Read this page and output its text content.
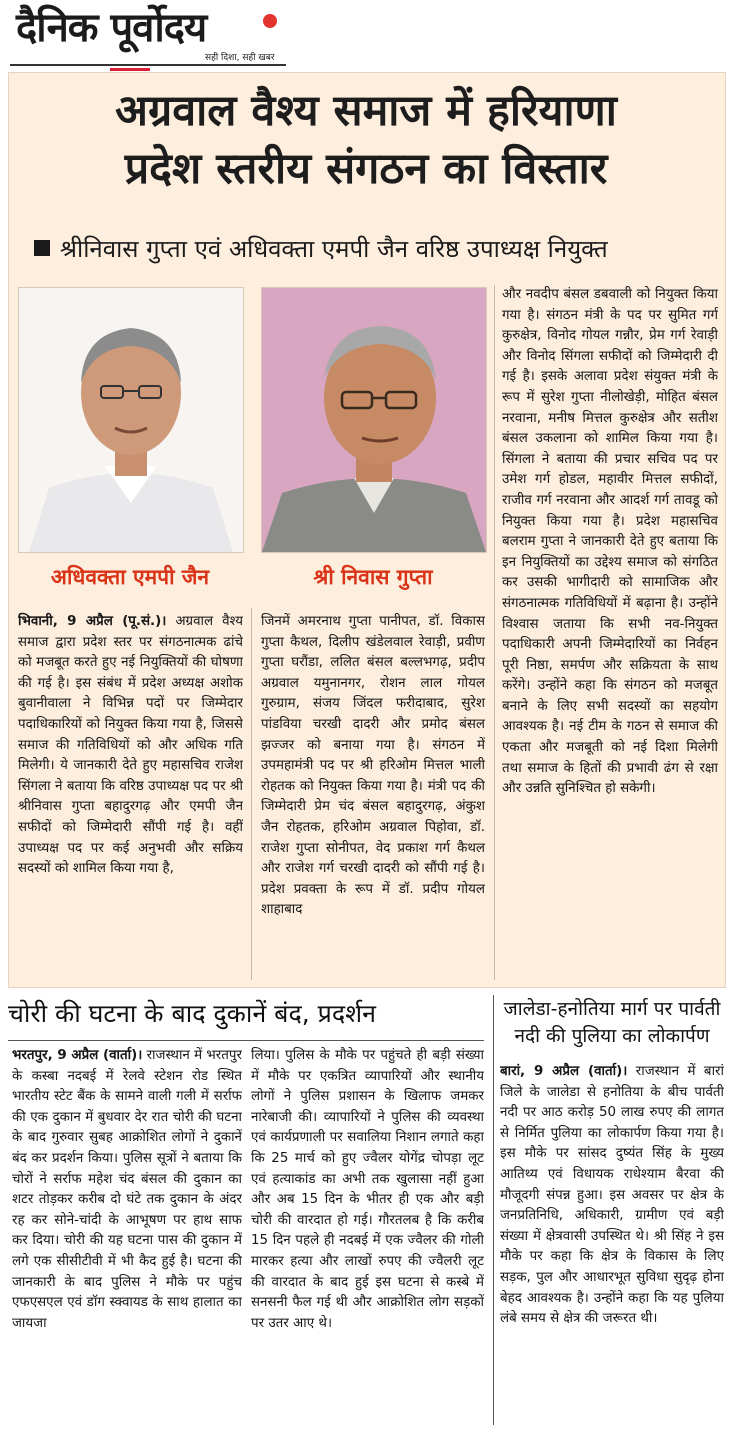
दैनिक पूर्वोदय
सही दिशा, सही खबर
अग्रवाल वैश्य समाज में हरियाणा
प्रदेश स्तरीय संगठन का विस्तार
श्रीनिवास गुप्ता एवं अधिवक्ता एमपी जैन वरिष्ठ उपाध्यक्ष नियुक्त
अधिवक्ता एमपी जैन	श्री निवास गुप्ता

भिवानी, 9 अप्रैल (पू.सं.)। अग्रवाल वैश्य समाज द्वारा प्रदेश स्तर पर संगठनात्मक ढांचे को मजबूत करते हुए नई नियुक्तियों की घोषणा की गई है। इस संबंध में प्रदेश अध्यक्ष अशोक बुवानीवाला ने विभिन्न पदों पर जिम्मेदार पदाधिकारियों को नियुक्त किया गया है, जिससे समाज की गतिविधियों को और अधिक गति मिलेगी। ये जानकारी देते हुए महासचिव राजेश सिंगला ने बताया कि वरिष्ठ उपाध्यक्ष पद पर श्री श्रीनिवास गुप्ता बहादुरगढ़ और एमपी जैन सफीदों को जिम्मेदारी सौंपी गई है। वहीं उपाध्यक्ष पद पर कई अनुभवी और सक्रिय सदस्यों को शामिल किया गया है,

जिनमें अमरनाथ गुप्ता पानीपत, डॉ. विकास गुप्ता कैथल, दिलीप खंडेलवाल रेवाड़ी, प्रवीण गुप्ता घरौंडा, ललित बंसल बल्लभगढ़, प्रदीप अग्रवाल यमुनानगर, रोशन लाल गोयल गुरुग्राम, संजय जिंदल फरीदाबाद, सुरेश पांडविया चरखी दादरी और प्रमोद बंसल झज्जर को बनाया गया है। संगठन में उपमहामंत्री पद पर श्री हरिओम मित्तल भाली रोहतक को नियुक्त किया गया है। मंत्री पद की जिम्मेदारी प्रेम चंद बंसल बहादुरगढ़, अंकुश जैन रोहतक, हरिओम अग्रवाल पिहोवा, डॉ. राजेश गुप्ता सोनीपत, वेद प्रकाश गर्ग कैथल और राजेश गर्ग चरखी दादरी को सौंपी गई है। प्रदेश प्रवक्ता के रूप में डॉ. प्रदीप गोयल शाहाबाद

और नवदीप बंसल डबवाली को नियुक्त किया गया है। संगठन मंत्री के पद पर सुमित गर्ग कुरुक्षेत्र, विनोद गोयल गन्नौर, प्रेम गर्ग रेवाड़ी और विनोद सिंगला सफीदों को जिम्मेदारी दी गई है। इसके अलावा प्रदेश संयुक्त मंत्री के रूप में सुरेश गुप्ता नीलोखेड़ी, मोहित बंसल नरवाना, मनीष मित्तल कुरुक्षेत्र और सतीश बंसल उकलाना को शामिल किया गया है। सिंगला ने बताया की प्रचार सचिव पद पर उमेश गर्ग होडल, महावीर मित्तल सफीदों, राजीव गर्ग नरवाना और आदर्श गर्ग तावडू को नियुक्त किया गया है। प्रदेश महासचिव बलराम गुप्ता ने जानकारी देते हुए बताया कि इन नियुक्तियों का उद्देश्य समाज को संगठित कर उसकी भागीदारी को सामाजिक और संगठनात्मक गतिविधियों में बढ़ाना है। उन्होंने विश्वास जताया कि सभी नव-नियुक्त पदाधिकारी अपनी जिम्मेदारियों का निर्वहन पूरी निष्ठा, समर्पण और सक्रियता के साथ करेंगे। उन्होंने कहा कि संगठन को मजबूत बनाने के लिए सभी सदस्यों का सहयोग आवश्यक है। नई टीम के गठन से समाज की एकता और मजबूती को नई दिशा मिलेगी तथा समाज के हितों की प्रभावी ढंग से रक्षा और उन्नति सुनिश्चित हो सकेगी।

चोरी की घटना के बाद दुकानें बंद, प्रदर्शन

भरतपुर, 9 अप्रैल (वार्ता)। राजस्थान में भरतपुर के कस्बा नदबई में रेलवे स्टेशन रोड स्थित भारतीय स्टेट बैंक के सामने वाली गली में सर्राफ की एक दुकान में बुधवार देर रात चोरी की घटना के बाद गुरुवार सुबह आक्रोशित लोगों ने दुकानें बंद कर प्रदर्शन किया। पुलिस सूत्रों ने बताया कि चोरों ने सर्राफ महेश चंद बंसल की दुकान का शटर तोड़कर करीब दो घंटे तक दुकान के अंदर रह कर सोने-चांदी के आभूषण पर हाथ साफ कर दिया। चोरी की यह घटना पास की दुकान में लगे एक सीसीटीवी में भी कैद हुई है। घटना की जानकारी के बाद पुलिस ने मौके पर पहुंच एफएसएल एवं डॉग स्क्वायड के साथ हालात का जायजा

लिया। पुलिस के मौके पर पहुंचते ही बड़ी संख्या में मौके पर एकत्रित व्यापारियों और स्थानीय लोगों ने पुलिस प्रशासन के खिलाफ जमकर नारेबाजी की। व्यापारियों ने पुलिस की व्यवस्था एवं कार्यप्रणाली पर सवालिया निशान लगाते कहा कि 25 मार्च को हुए ज्वैलर योगेंद्र चोपड़ा लूट एवं हत्याकांड का अभी तक खुलासा नहीं हुआ और अब 15 दिन के भीतर ही एक और बड़ी चोरी की वारदात हो गई। गौरतलब है कि करीब 15 दिन पहले ही नदबई में एक ज्वैलर की गोली मारकर हत्या और लाखों रुपए की ज्वैलरी लूट की वारदात के बाद हुई इस घटना से कस्बे में सनसनी फैल गई थी और आक्रोशित लोग सड़कों पर उतर आए थे।

जालेडा-हनोतिया मार्ग पर पार्वती नदी की पुलिया का लोकार्पण

बारां, 9 अप्रैल (वार्ता)। राजस्थान में बारां जिले के जालेडा से हनोतिया के बीच पार्वती नदी पर आठ करोड़ 50 लाख रुपए की लागत से निर्मित पुलिया का लोकार्पण किया गया है। इस मौके पर सांसद दुष्यंत सिंह के मुख्य आतिथ्य एवं विधायक राधेश्याम बैरवा की मौजूदगी संपन्न हुआ। इस अवसर पर क्षेत्र के जनप्रतिनिधि, अधिकारी, ग्रामीण एवं बड़ी संख्या में क्षेत्रवासी उपस्थित थे। श्री सिंह ने इस मौके पर कहा कि क्षेत्र के विकास के लिए सड़क, पुल और आधारभूत सुविधा सुदृढ़ होना बेहद आवश्यक है। उन्होंने कहा कि यह पुलिया लंबे समय से क्षेत्र की जरूरत थी।
